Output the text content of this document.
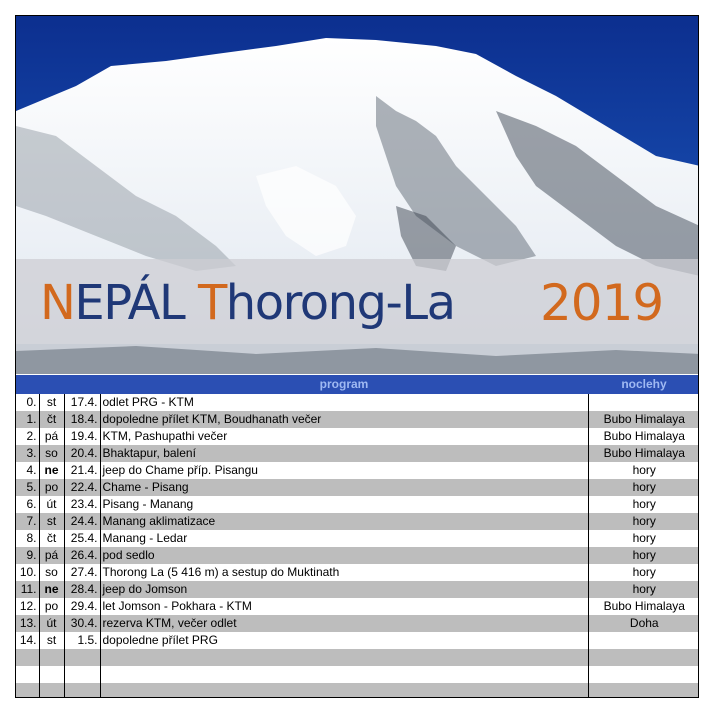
NEPÁL Thorong-La 2019
			program	noclehy
0.	st	17.4.	odlet PRG - KTM	
1.	čt	18.4.	dopoledne přílet KTM, Boudhanath večer	Bubo Himalaya
2.	pá	19.4.	KTM, Pashupathi večer	Bubo Himalaya
3.	so	20.4.	Bhaktapur, balení	Bubo Himalaya
4.	ne	21.4.	jeep do Chame příp. Pisangu	hory
5.	po	22.4.	Chame - Pisang	hory
6.	út	23.4.	Pisang - Manang	hory
7.	st	24.4.	Manang aklimatizace	hory
8.	čt	25.4.	Manang - Ledar	hory
9.	pá	26.4.	pod sedlo	hory
10.	so	27.4.	Thorong La (5 416 m) a sestup do Muktinath	hory
11.	ne	28.4.	jeep do Jomson	hory
12.	po	29.4.	let Jomson - Pokhara - KTM	Bubo Himalaya
13.	út	30.4.	rezerva KTM, večer odlet	Doha
14.	st	1.5.	dopoledne přílet PRG	
